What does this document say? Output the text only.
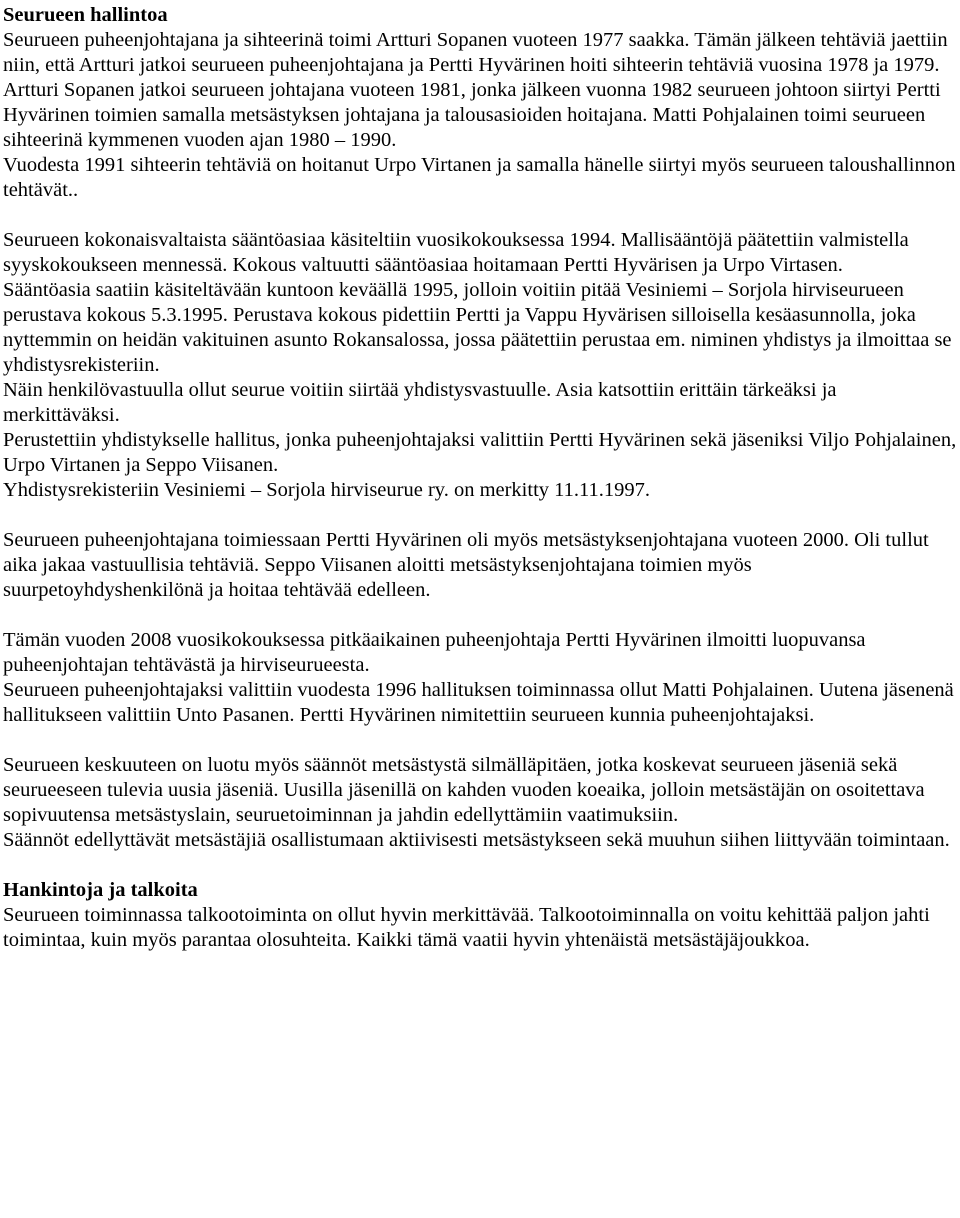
Seurueen hallintoa

Seurueen puheenjohtajana ja sihteerinä toimi Artturi Sopanen vuoteen 1977 saakka. Tämän jälkeen tehtäviä jaettiin niin, että Artturi jatkoi seurueen puheenjohtajana ja Pertti Hyvärinen hoiti sihteerin tehtäviä vuosina 1978 ja 1979. Artturi Sopanen jatkoi seurueen johtajana vuoteen 1981, jonka jälkeen vuonna 1982 seurueen johtoon siirtyi Pertti Hyvärinen toimien samalla metsästyksen johtajana ja talousasioiden hoitajana. Matti Pohjalainen toimi seurueen sihteerinä kymmenen vuoden ajan 1980 – 1990.

Vuodesta 1991 sihteerin tehtäviä on hoitanut Urpo Virtanen ja samalla hänelle siirtyi myös seurueen taloushallinnon tehtävät..

Seurueen kokonaisvaltaista sääntöasiaa käsiteltiin vuosikokouksessa 1994. Mallisääntöjä päätettiin valmistella syyskokoukseen mennessä. Kokous valtuutti sääntöasiaa hoitamaan Pertti Hyvärisen ja Urpo Virtasen.

Sääntöasia saatiin käsiteltävään kuntoon keväällä 1995, jolloin voitiin pitää Vesiniemi – Sorjola hirviseurueen perustava kokous 5.3.1995. Perustava kokous pidettiin Pertti ja Vappu Hyvärisen silloisella kesäasunnolla, joka nyttemmin on heidän vakituinen asunto Rokansalossa, jossa päätettiin perustaa em. niminen yhdistys ja ilmoittaa se yhdistysrekisteriin.

Näin henkilövastuulla ollut seurue voitiin siirtää yhdistysvastuulle. Asia katsottiin erittäin tärkeäksi ja merkittäväksi.

Perustettiin yhdistykselle hallitus, jonka puheenjohtajaksi valittiin Pertti Hyvärinen sekä jäseniksi Viljo Pohjalainen, Urpo Virtanen ja Seppo Viisanen.

Yhdistysrekisteriin Vesiniemi – Sorjola hirviseurue ry. on merkitty 11.11.1997.

Seurueen puheenjohtajana toimiessaan Pertti Hyvärinen oli myös metsästyksenjohtajana vuoteen 2000. Oli tullut aika jakaa vastuullisia tehtäviä. Seppo Viisanen aloitti metsästyksenjohtajana toimien myös suurpetoyhdyshenkilönä ja hoitaa tehtävää edelleen.

Tämän vuoden 2008 vuosikokouksessa pitkäaikainen puheenjohtaja Pertti Hyvärinen ilmoitti luopuvansa puheenjohtajan tehtävästä ja hirviseurueesta.

Seurueen puheenjohtajaksi valittiin vuodesta 1996 hallituksen toiminnassa ollut Matti Pohjalainen. Uutena jäsenenä hallitukseen valittiin Unto Pasanen. Pertti Hyvärinen nimitettiin seurueen kunnia puheenjohtajaksi.

Seurueen keskuuteen on luotu myös säännöt metsästystä silmälläpitäen, jotka koskevat seurueen jäseniä sekä seurueeseen tulevia uusia jäseniä. Uusilla jäsenillä on kahden vuoden koeaika, jolloin metsästäjän on osoitettava sopivuutensa metsästyslain, seuruetoiminnan ja jahdin edellyttämiin vaatimuksiin.

Säännöt edellyttävät metsästäjiä osallistumaan aktiivisesti metsästykseen sekä muuhun siihen liittyvään toimintaan.

Hankintoja ja talkoita

Seurueen toiminnassa talkootoiminta on ollut hyvin merkittävää. Talkootoiminnalla on voitu kehittää paljon jahti toimintaa, kuin myös parantaa olosuhteita. Kaikki tämä vaatii hyvin yhtenäistä metsästäjäjoukkoa.
